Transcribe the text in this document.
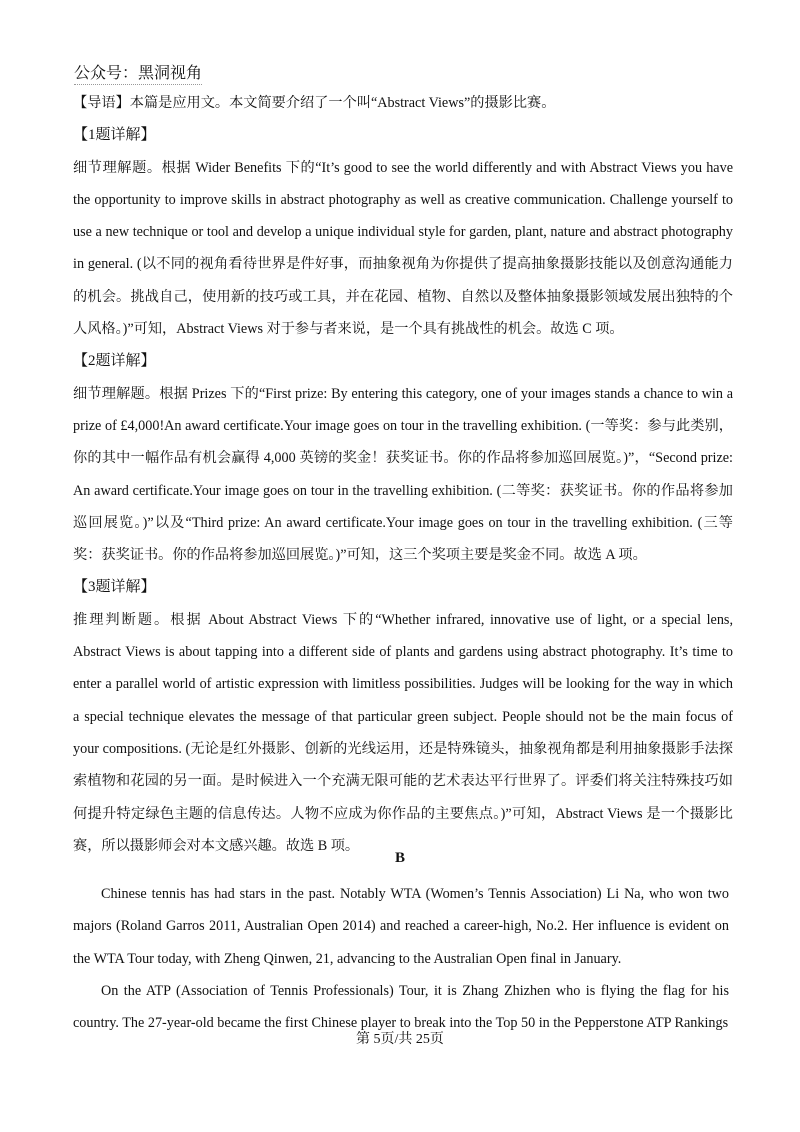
公众号：黑洞视角

【导语】本篇是应用文。本文简要介绍了一个叫“Abstract Views”的摄影比赛。

【1题详解】

细节理解题。根据 Wider Benefits 下的“It’s good to see the world differently and with Abstract Views you have the opportunity to improve skills in abstract photography as well as creative communication. Challenge yourself to use a new technique or tool and develop a unique individual style for garden, plant, nature and abstract photography in general. (以不同的视角看待世界是件好事，而抽象视角为你提供了提高抽象摄影技能以及创意沟通能力的机会。挑战自己，使用新的技巧或工具，并在花园、植物、自然以及整体抽象摄影领域发展出独特的个人风格。)”可知，Abstract Views 对于参与者来说，是一个具有挑战性的机会。故选 C 项。

【2题详解】

细节理解题。根据 Prizes 下的“First prize: By entering this category, one of your images stands a chance to win a prize of £4,000!An award certificate.Your image goes on tour in the travelling exhibition. (一等奖：参与此类别，你的其中一幅作品有机会赢得 4,000 英镑的奖金！获奖证书。你的作品将参加巡回展览。)”，“Second prize: An award certificate.Your image goes on tour in the travelling exhibition. (二等奖：获奖证书。你的作品将参加巡回展览。)”以及“Third prize: An award certificate.Your image goes on tour in the travelling exhibition. (三等奖：获奖证书。你的作品将参加巡回展览。)”可知，这三个奖项主要是奖金不同。故选 A 项。

【3题详解】

推理判断题。根据 About Abstract Views 下的“Whether infrared, innovative use of light, or a special lens, Abstract Views is about tapping into a different side of plants and gardens using abstract photography. It’s time to enter a parallel world of artistic expression with limitless possibilities. Judges will be looking for the way in which a special technique elevates the message of that particular green subject. People should not be the main focus of your compositions. (无论是红外摄影、创新的光线运用，还是特殊镜头，抽象视角都是利用抽象摄影手法探索植物和花园的另一面。是时候进入一个充满无限可能的艺术表达平行世界了。评委们将关注特殊技巧如何提升特定绿色主题的信息传达。人物不应成为你作品的主要焦点。)”可知，Abstract Views 是一个摄影比赛，所以摄影师会对本文感兴趣。故选 B 项。

B

Chinese tennis has had stars in the past. Notably WTA (Women’s Tennis Association) Li Na, who won two majors (Roland Garros 2011, Australian Open 2014) and reached a career-high, No.2. Her influence is evident on the WTA Tour today, with Zheng Qinwen, 21, advancing to the Australian Open final in January.

On the ATP (Association of Tennis Professionals) Tour, it is Zhang Zhizhen who is flying the flag for his country. The 27-year-old became the first Chinese player to break into the Top 50 in the Pepperstone ATP Rankings

第 5页/共 25页
